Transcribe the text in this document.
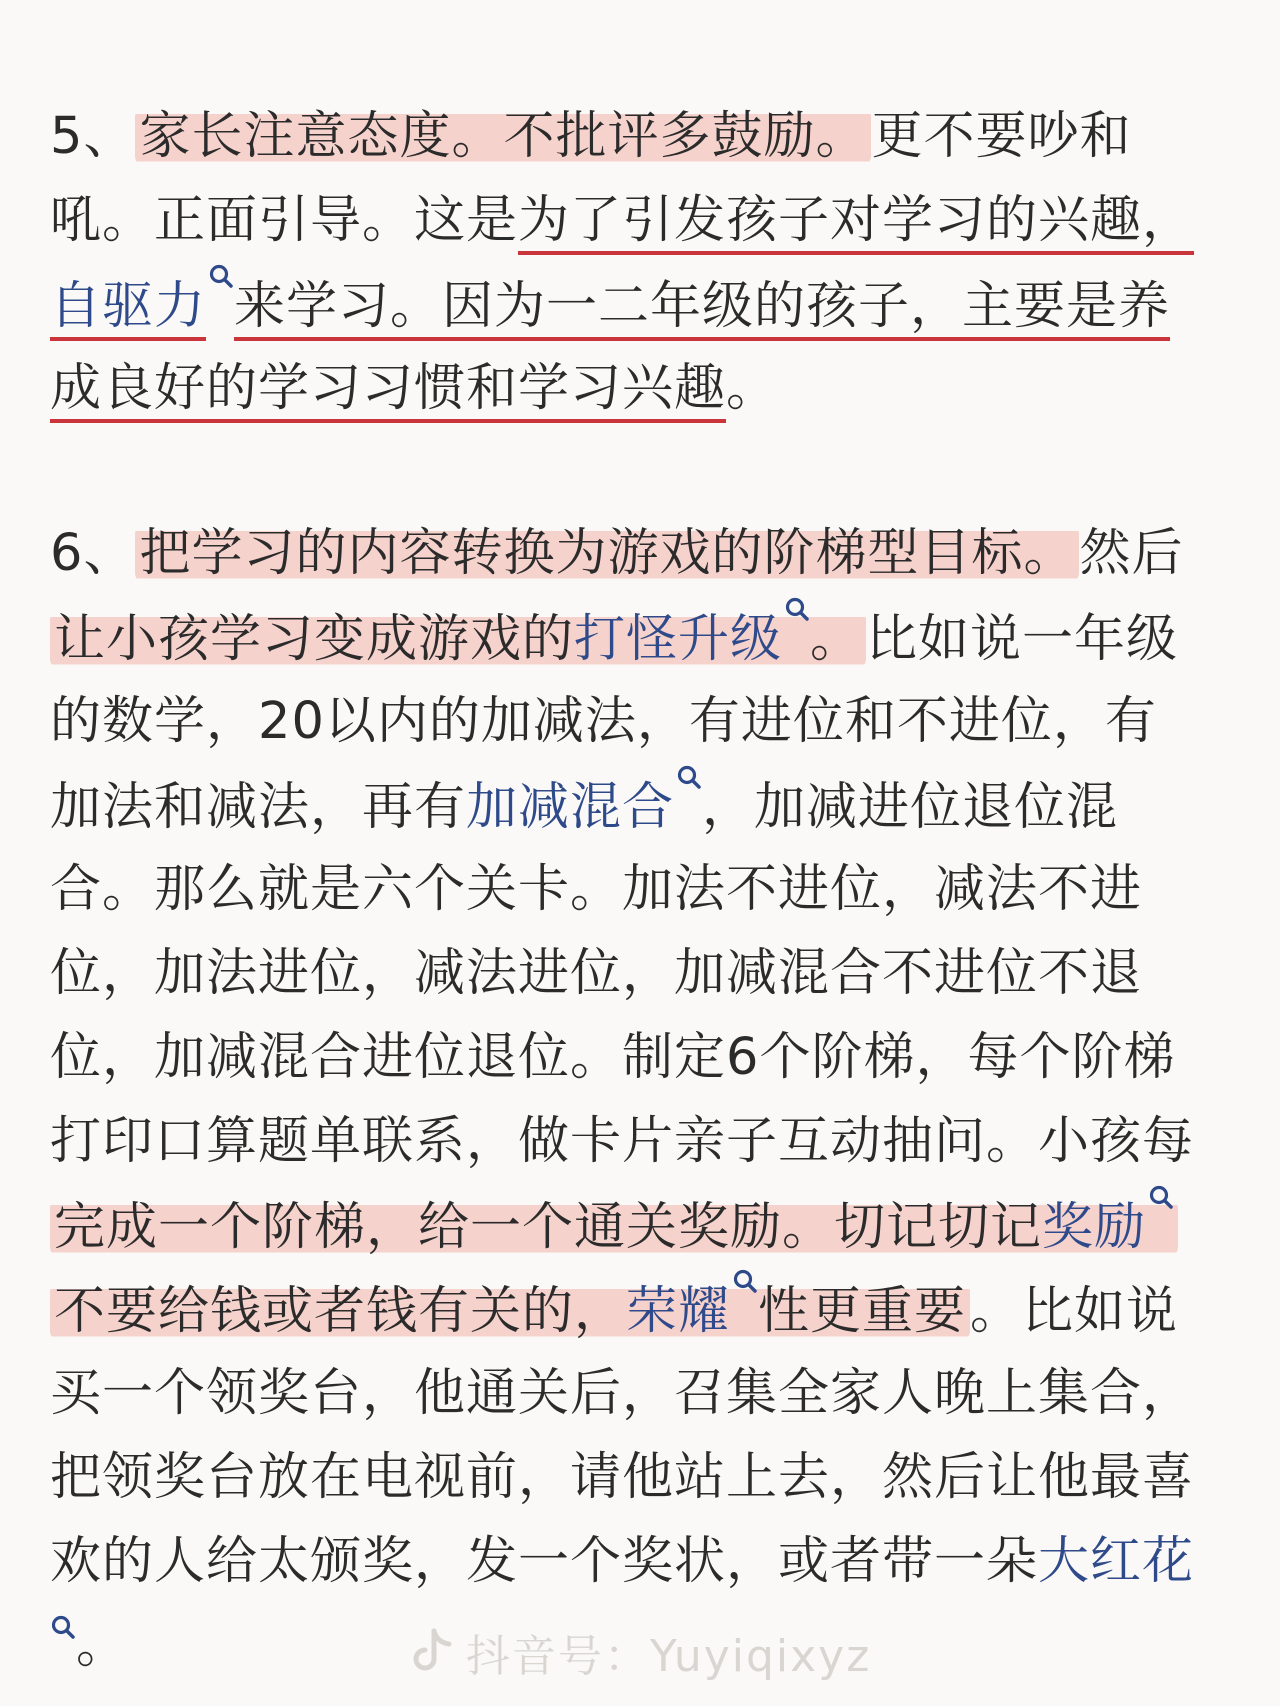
5、家长注意态度。不批评多鼓励。更不要吵和
吼。正面引导。这是为了引发孩子对学习的兴趣，
自驱力 来学习。因为一二年级的孩子，主要是养
成良好的学习习惯和学习兴趣。
6、把学习的内容转换为游戏的阶梯型目标。然后
让小孩学习变成游戏的打怪升级 。比如说一年级
的数学，20以内的加减法，有进位和不进位，有
加法和减法，再有加减混合 ，加减进位退位混
合。那么就是六个关卡。加法不进位，减法不进
位，加法进位，减法进位，加减混合不进位不退
位，加减混合进位退位。制定6个阶梯，每个阶梯
打印口算题单联系，做卡片亲子互动抽问。小孩每
完成一个阶梯，给一个通关奖励。切记切记奖励
不要给钱或者钱有关的，荣耀 性更重要。比如说
买一个领奖台，他通关后，召集全家人晚上集合，
把领奖台放在电视前，请他站上去，然后让他最喜
欢的人给太颁奖，发一个奖状，或者带一朵大红花
。	抖音号：Yuyiqixyz
